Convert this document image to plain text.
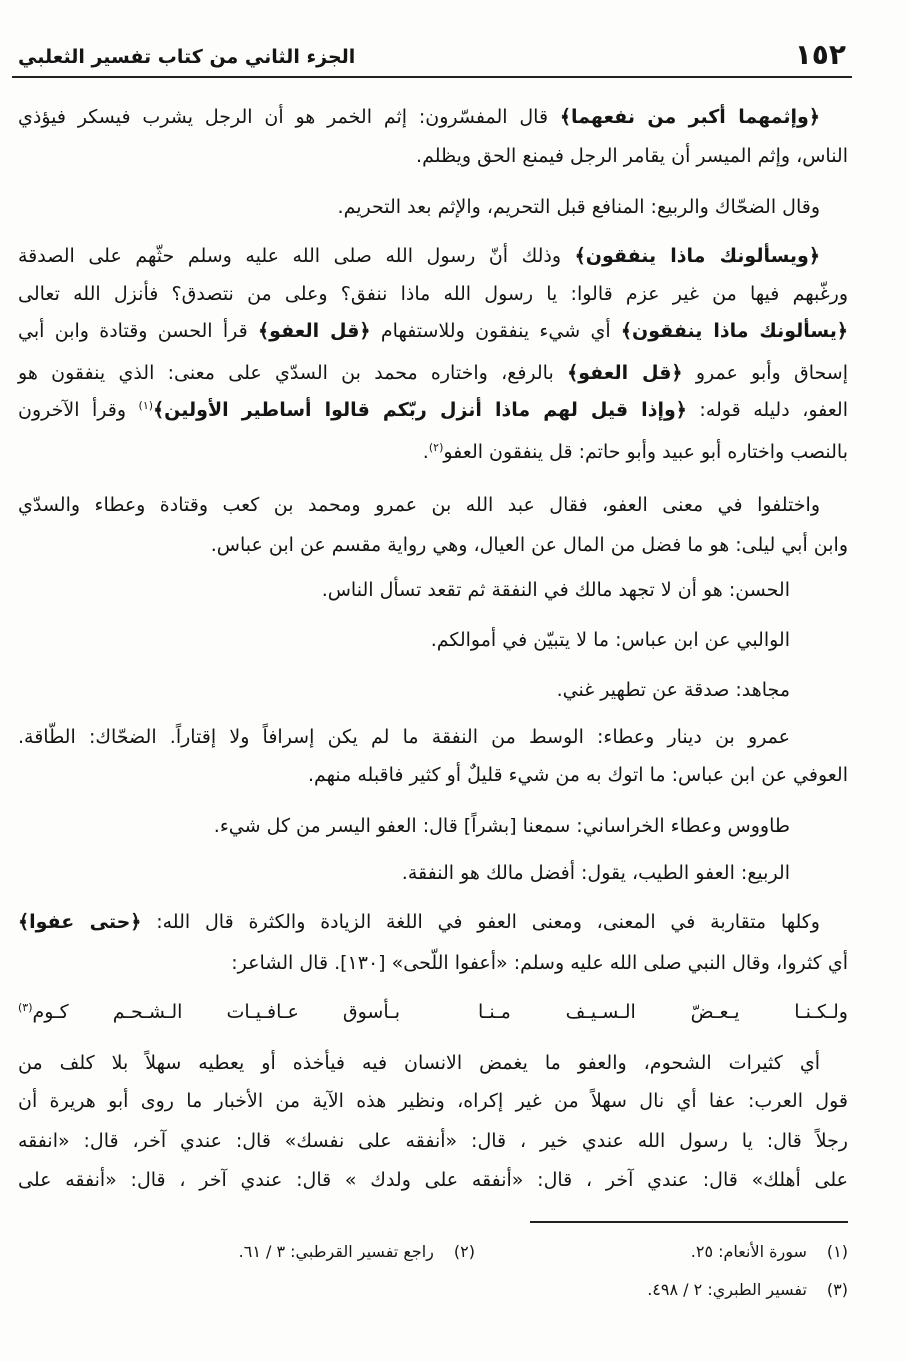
١٥٢
الجزء الثاني من كتاب تفسير الثعلبي
﴿وإثمهما أكبر من نفعهما﴾ قال المفسّرون: إثم الخمر هو أن الرجل يشرب فيسكر فيؤذي
الناس، وإثم الميسر أن يقامر الرجل فيمنع الحق ويظلم.
وقال الضحّاك والربيع: المنافع قبل التحريم، والإثم بعد التحريم.
﴿ويسألونك ماذا ينفقون﴾ وذلك أنّ رسول الله صلى الله عليه وسلم حثّهم على الصدقة
ورغّبهم فيها من غير عزم قالوا: يا رسول الله ماذا ننفق؟ وعلى من نتصدق؟ فأنزل الله تعالى
﴿يسألونك ماذا ينفقون﴾ أي شيء ينفقون وللاستفهام ﴿قل العفو﴾ قرأ الحسن وقتادة وابن أبي
إسحاق وأبو عمرو ﴿قل العفو﴾ بالرفع، واختاره محمد بن السدّي على معنى: الذي ينفقون هو
العفو، دليله قوله: ﴿وإذا قيل لهم ماذا أنزل ربّكم قالوا أساطير الأولين﴾$^{(١)}$ وقرأ الآخرون
بالنصب واختاره أبو عبيد وأبو حاتم: قل ينفقون العفو$^{(٢)}$.
واختلفوا في معنى العفو، فقال عبد الله بن عمرو ومحمد بن كعب وقتادة وعطاء والسدّي
وابن أبي ليلى: هو ما فضل من المال عن العيال، وهي رواية مقسم عن ابن عباس.
الحسن: هو أن لا تجهد مالك في النفقة ثم تقعد تسأل الناس.
الوالبي عن ابن عباس: ما لا يتبيّن في أموالكم.
مجاهد: صدقة عن تطهير غني.
عمرو بن دينار وعطاء: الوسط من النفقة ما لم يكن إسرافاً ولا إقتاراً. الضحّاك: الطّاقة.
العوفي عن ابن عباس: ما اتوك به من شيء قليلٌ أو كثير فاقبله منهم.
طاووس وعطاء الخراساني: سمعنا [بشراً] قال: العفو اليسر من كل شيء.
الربيع: العفو الطيب، يقول: أفضل مالك هو النفقة.
وكلها متقاربة في المعنى، ومعنى العفو في اللغة الزيادة والكثرة قال الله: ﴿حتى عفوا﴾
أي كثروا، وقال النبي صلى الله عليه وسلم: «أعفوا اللّحى» [١٣٠]. قال الشاعر:
ولـكـنـا يـعـضّ الـسـيـف مـنـا
بـأسوق عـافـيـات الـشـحـم كـوم$^{(٣)}$
أي كثيرات الشحوم، والعفو ما يغمض الانسان فيه فيأخذه أو يعطيه سهلاً بلا كلف من
قول العرب: عفا أي نال سهلاً من غير إكراه، ونظير هذه الآية من الأخبار ما روى أبو هريرة أن
رجلاً قال: يا رسول الله عندي خير ، قال: «أنفقه على نفسك» قال: عندي آخر، قال: «انفقه
على أهلك» قال: عندي آخر ، قال: «أنفقه على ولدك » قال: عندي آخر ، قال: «أنفقه على
(١)سورة الأنعام: ٢٥.
(٢)راجع تفسير القرطبي: ٣ / ٦١.
(٣)تفسير الطبري: ٢ / ٤٩٨.
